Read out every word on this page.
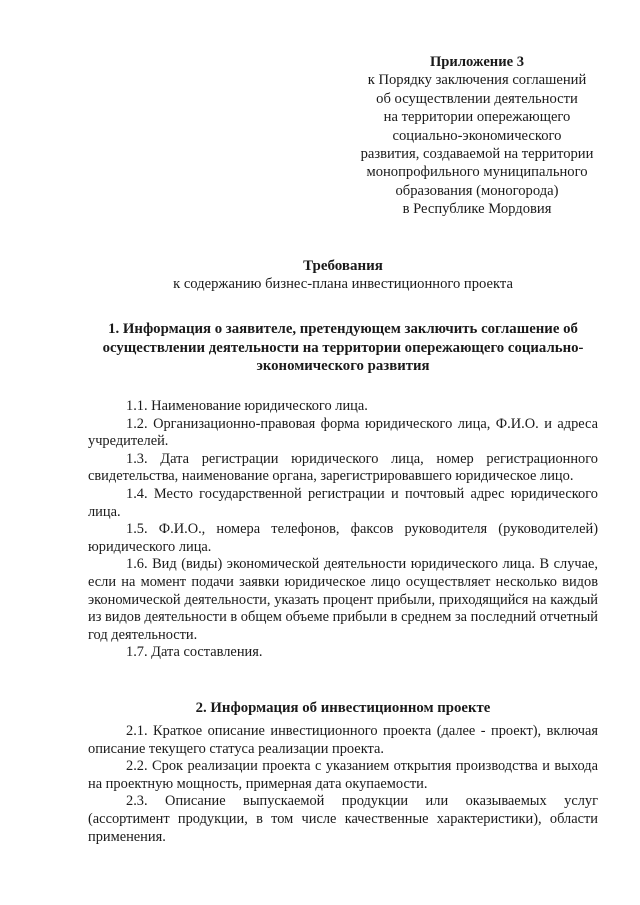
Приложение 3
к Порядку заключения соглашений
об осуществлении деятельности
на территории опережающего
социально-экономического
развития, создаваемой на территории
монопрофильного муниципального
образования (моногорода)
в Республике Мордовия
Требования
к содержанию бизнес-плана инвестиционного проекта
1. Информация о заявителе, претендующем заключить соглашение об
осуществлении деятельности на территории опережающего социально-
экономического развития

1.1. Наименование юридического лица.

1.2. Организационно-правовая форма юридического лица, Ф.И.О. и адреса учредителей.

1.3. Дата регистрации юридического лица, номер регистрационного свидетельства, наименование органа, зарегистрировавшего юридическое лицо.

1.4. Место государственной регистрации и почтовый адрес юридического лица.

1.5. Ф.И.О., номера телефонов, факсов руководителя (руководителей) юридического лица.

1.6. Вид (виды) экономической деятельности юридического лица. В случае, если на момент подачи заявки юридическое лицо осуществляет несколько видов экономической деятельности, указать процент прибыли, приходящийся на каждый из видов деятельности в общем объеме прибыли в среднем за последний отчетный год деятельности.

1.7. Дата составления.

2. Информация об инвестиционном проекте

2.1. Краткое описание инвестиционного проекта (далее - проект), включая описание текущего статуса реализации проекта.

2.2. Срок реализации проекта с указанием открытия производства и выхода на проектную мощность, примерная дата окупаемости.

2.3. Описание выпускаемой продукции или оказываемых услуг (ассортимент продукции, в том числе качественные характеристики), области применения.
